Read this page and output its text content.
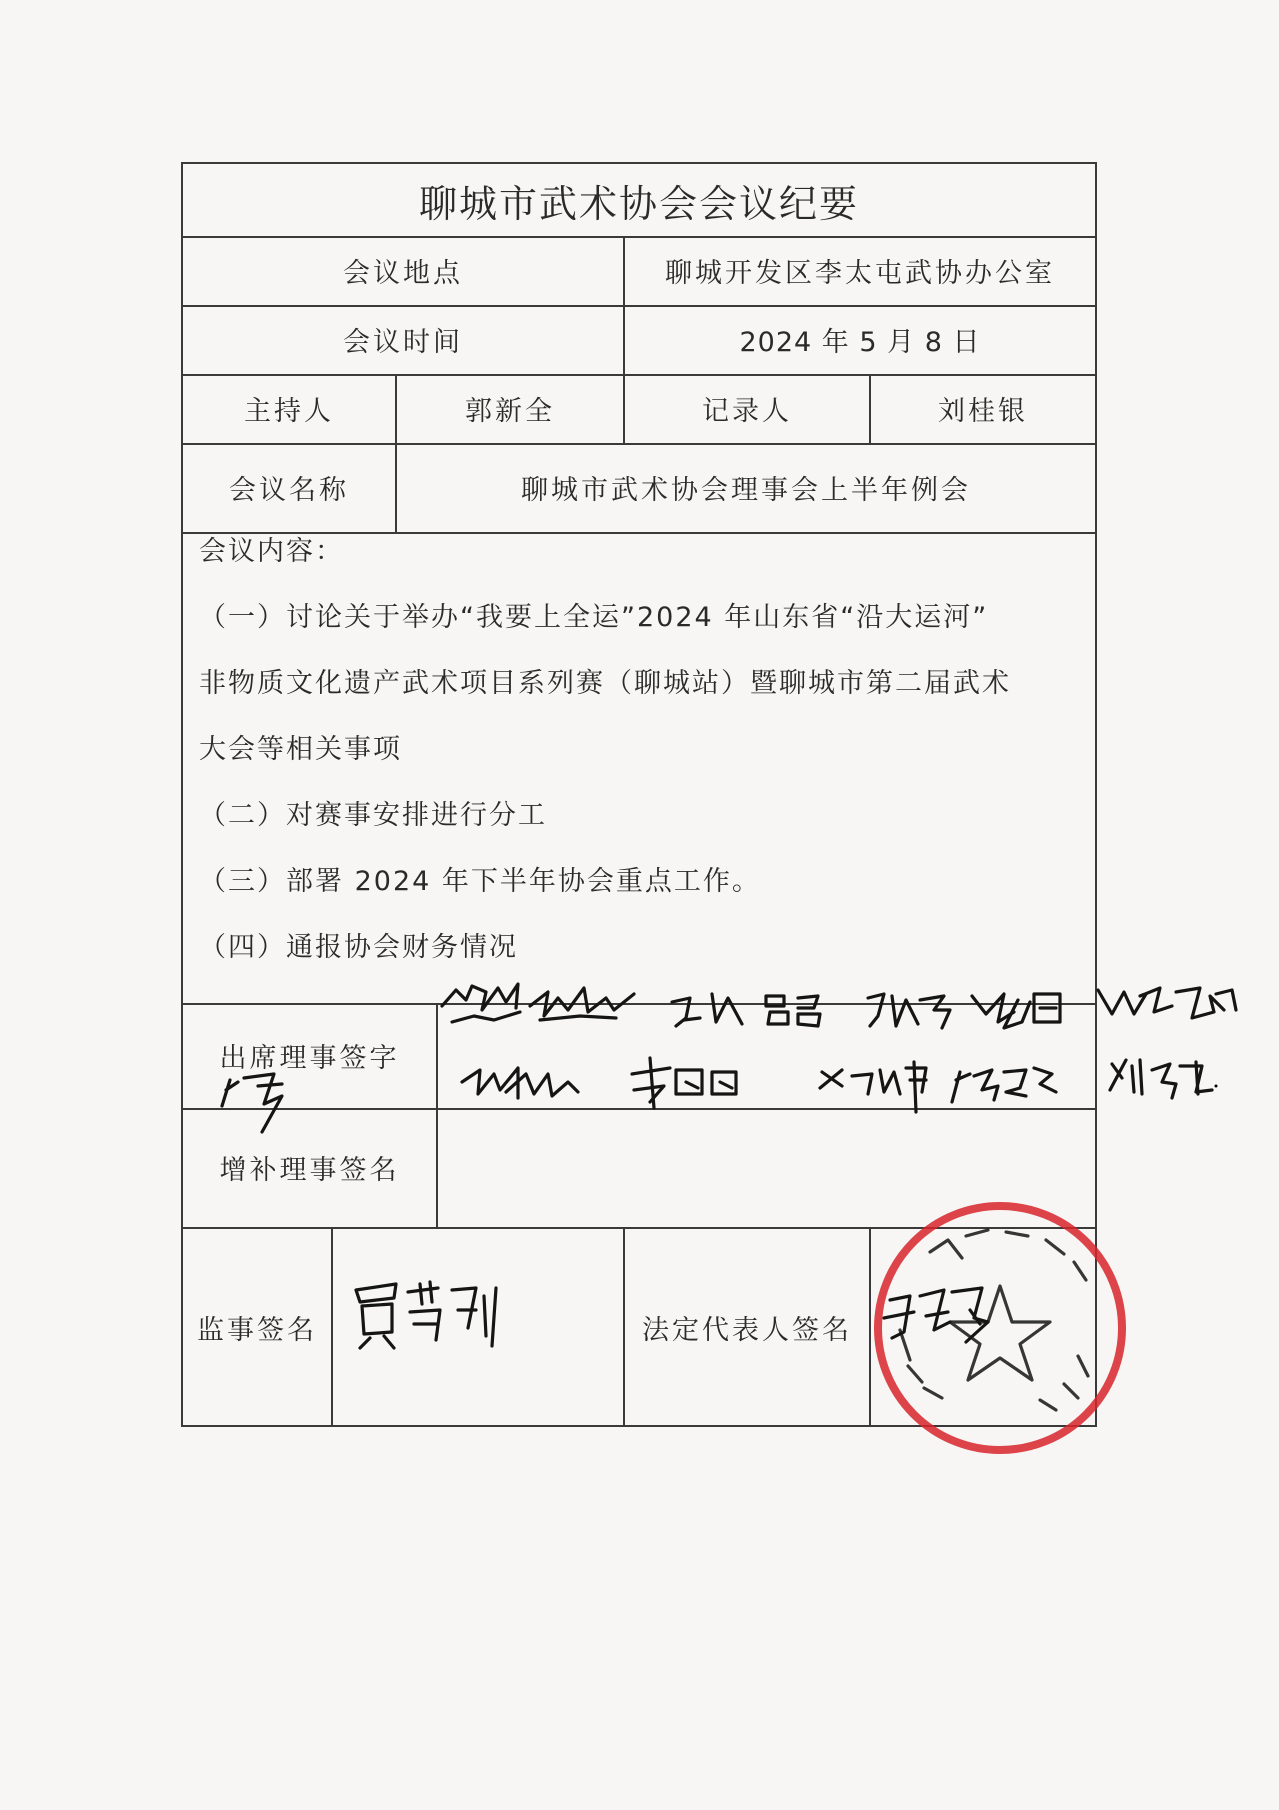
聊城市武术协会会议纪要
会议地点	聊城开发区李太屯武协办公室
会议时间	2024 年 5 月 8 日
主持人	郭新全	记录人	刘桂银
会议名称	聊城市武术协会理事会上半年例会

会议内容：

（一）讨论关于举办“我要上全运”2024 年山东省“沿大运河”

非物质文化遗产武术项目系列赛（聊城站）暨聊城市第二届武术

大会等相关事项

（二）对赛事安排进行分工

（三）部署 2024 年下半年协会重点工作。

（四）通报协会财务情况

出席理事签字
增补理事签名
监事签名	法定代表人签名
